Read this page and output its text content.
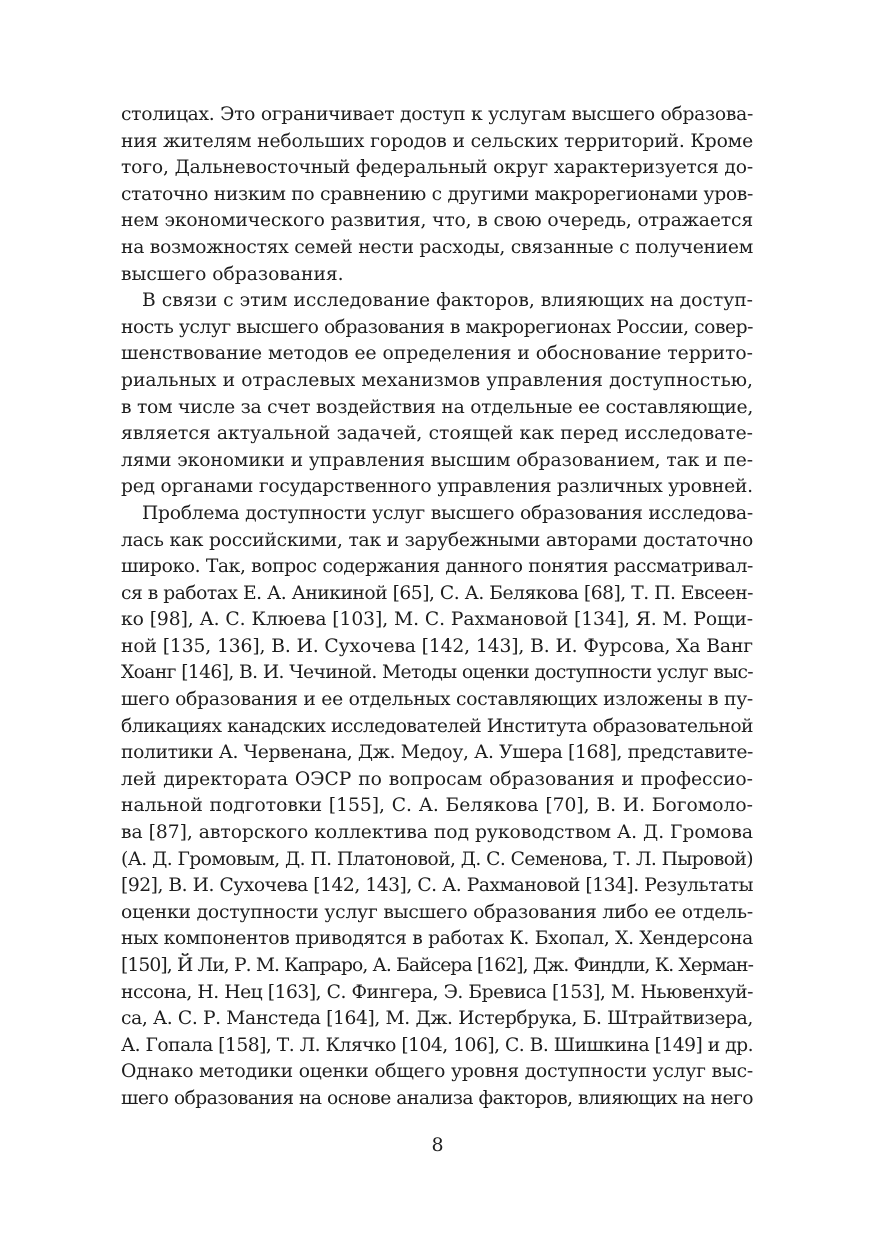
столицах. Это ограничивает доступ к услугам высшего образова-
ния жителям небольших городов и сельских территорий. Кроме
того, Дальневосточный федеральный округ характеризуется до-
статочно низким по сравнению с другими макрорегионами уров-
нем экономического развития, что, в свою очередь, отражается
на возможностях семей нести расходы, связанные с получением
высшего образования.
В связи с этим исследование факторов, влияющих на доступ-
ность услуг высшего образования в макрорегионах России, совер-
шенствование методов ее определения и обоснование террито-
риальных и отраслевых механизмов управления доступностью,
в том числе за счет воздействия на отдельные ее составляющие,
является актуальной задачей, стоящей как перед исследовате-
лями экономики и управления высшим образованием, так и пе-
ред органами государственного управления различных уровней.
Проблема доступности услуг высшего образования исследова-
лась как российскими, так и зарубежными авторами достаточно
широко. Так, вопрос содержания данного понятия рассматривал-
ся в работах Е. А. Аникиной [65], С. А. Белякова [68], Т. П. Евсеен-
ко [98], А. С. Клюева [103], М. С. Рахмановой [134], Я. М. Рощи-
ной [135, 136], В. И. Сухочева [142, 143], В. И. Фурсова, Ха Ванг
Хоанг [146], В. И. Чечиной. Методы оценки доступности услуг выс-
шего образования и ее отдельных составляющих изложены в пу-
бликациях канадских исследователей Института образовательной
политики А. Червенана, Дж. Медоу, А. Ушера [168], представите-
лей директората ОЭСР по вопросам образования и профессио-
нальной подготовки [155], С. А. Белякова [70], В. И. Богомоло-
ва [87], авторского коллектива под руководством А. Д. Громова
(А. Д. Громовым, Д. П. Платоновой, Д. С. Семенова, Т. Л. Пыровой)
[92], В. И. Сухочева [142, 143], С. А. Рахмановой [134]. Результаты
оценки доступности услуг высшего образования либо ее отдель-
ных компонентов приводятся в работах К. Бхопал, Х. Хендерсона
[150], Й Ли, Р. М. Капраро, А. Байсера [162], Дж. Финдли, К. Херман-
нссона, Н. Нец [163], С. Фингера, Э. Бревиса [153], М. Ньювенхуй-
са, А. С. Р. Манстеда [164], М. Дж. Истербрука, Б. Штрайтвизера,
А. Гопала [158], Т. Л. Клячко [104, 106], С. В. Шишкина [149] и др.
Однако методики оценки общего уровня доступности услуг выс-
шего образования на основе анализа факторов, влияющих на него
8
